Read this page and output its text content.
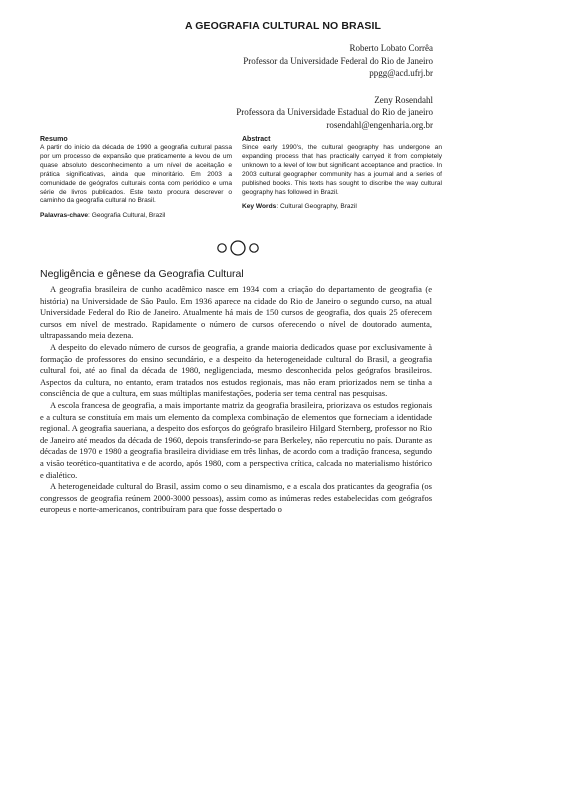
A GEOGRAFIA CULTURAL NO BRASIL
Roberto Lobato Corrêa
Professor da Universidade Federal do Rio de Janeiro
ppgg@acd.ufrj.br
Zeny Rosendahl
Professora da Universidade Estadual do Rio de janeiro
rosendahl@engenharia.org.br
Resumo

A partir do início da década de 1990 a geografia cultural passa por um processo de expansão que praticamente a levou de um quase absoluto desconhecimento a um nível de aceitação e prática significativas, ainda que minoritário. Em 2003 a comunidade de geógrafos culturais conta com periódico e uma série de livros publicados. Este texto procura descrever o caminho da geografia cultural no Brasil.

Palavras-chave: Geografia Cultural, Brazil

Abstract

Since early 1990's, the cultural geography has undergone an expanding process that has practically carryed it from completely unknown to a level of low but significant acceptance and practice. In 2003 cultural geographer community has a journal and a series of published books. This texts has sought to discribe the way cultural geography has followed in Brazil.

Key Words: Cultural Geography, Brazil

Negligência e gênese da Geografia Cultural

A geografia brasileira de cunho acadêmico nasce em 1934 com a criação do departamento de geografia (e história) na Universidade de São Paulo. Em 1936 aparece na cidade do Rio de Janeiro o segundo curso, na atual Universidade Federal do Rio de Janeiro. Atualmente há mais de 150 cursos de geografia, dos quais 25 oferecem cursos em nível de mestrado. Rapidamente o número de cursos oferecendo o nível de doutorado aumenta, ultrapassando meia dezena.

A despeito do elevado número de cursos de geografia, a grande maioria dedicados quase por exclusivamente à formação de professores do ensino secundário, e a despeito da heterogeneidade cultural do Brasil, a geografia cultural foi, até ao final da década de 1980, negligenciada, mesmo desconhecida pelos geógrafos brasileiros. Aspectos da cultura, no entanto, eram tratados nos estudos regionais, mas não eram priorizados nem se tinha a consciência de que a cultura, em suas múltiplas manifestações, poderia ser tema central nas pesquisas.

A escola francesa de geografia, a mais importante matriz da geografia brasileira, priorizava os estudos regionais e a cultura se constituía em mais um elemento da complexa combinação de elementos que forneciam a identidade regional. A geografia saueriana, a despeito dos esforços do geógrafo brasileiro Hilgard Sternberg, professor no Rio de Janeiro até meados da década de 1960, depois transferindo-se para Berkeley, não repercutiu no país. Durante as décadas de 1970 e 1980 a geografia brasileira dividiase em três linhas, de acordo com a tradição francesa, segundo a visão teorético-quantitativa e de acordo, após 1980, com a perspectiva crítica, calcada no materialismo histórico e dialético.

A heterogeneidade cultural do Brasil, assim como o seu dinamismo, e a escala dos praticantes da geografia (os congressos de geografia reúnem 2000-3000 pessoas), assim como as inúmeras redes estabelecidas com geógrafos europeus e norte-americanos, contribuíram para que fosse despertado o
